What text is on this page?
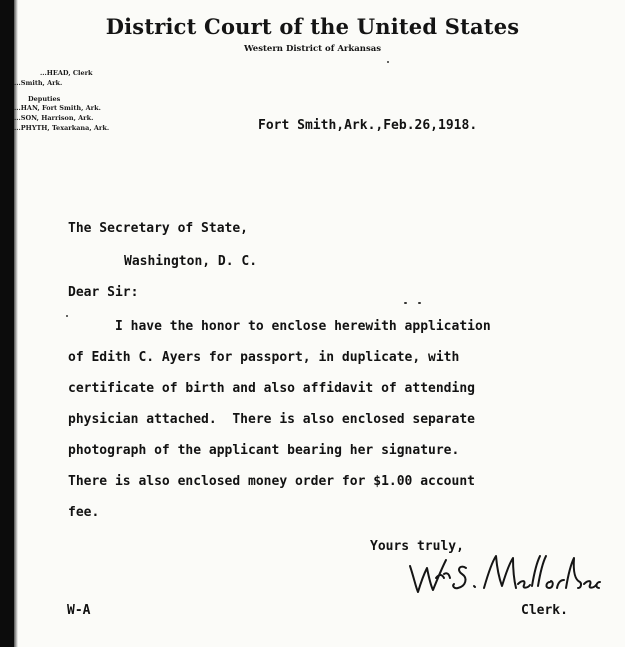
District Court of the United States
Western District of Arkansas
...HEAD, Clerk
...Smith, Ark.
Deputies
...HAN, Fort Smith, Ark.
...SON, Harrison, Ark.
...PHYTH, Texarkana, Ark.	Fort Smith,Ark.,Feb.26,1918.
The Secretary of State,
Washington, D. C.
Dear Sir:
I have the honor to enclose herewith application
of Edith C. Ayers for passport, in duplicate, with
certificate of birth and also affidavit of attending
physician attached.  There is also enclosed separate
photograph of the applicant bearing her signature.
There is also enclosed money order for $1.00 account
fee.
Yours truly,
Clerk.
W-A
